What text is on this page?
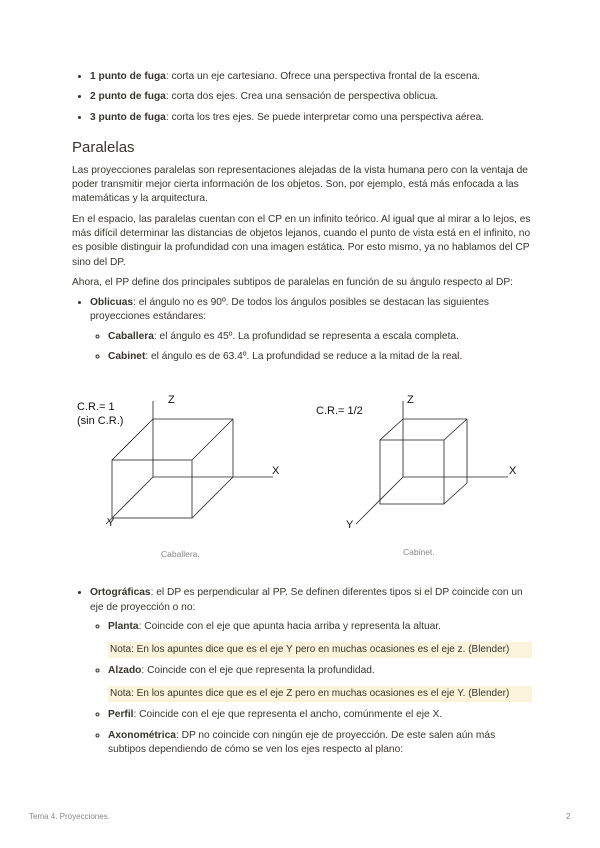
• 1 punto de fuga: corta un eje cartesiano. Ofrece una perspectiva frontal de la escena.
• 2 punto de fuga: corta dos ejes. Crea una sensación de perspectiva oblicua.
• 3 punto de fuga: corta los tres ejes. Se puede interpretar como una perspectiva aérea.
Paralelas

Las proyecciones paralelas son representaciones alejadas de la vista humana pero con la ventaja de poder transmitir mejor cierta información de los objetos. Son, por ejemplo, está más enfocada a las matemáticas y la arquitectura.

En el espacio, las paralelas cuentan con el CP en un infinito teórico. Al igual que al mirar a lo lejos, es más difícil determinar las distancias de objetos lejanos, cuando el punto de vista está en el infinito, no es posible distinguir la profundidad con una imagen estática. Por esto mismo, ya no hablamos del CP sino del DP.

Ahora, el PP define dos principales subtipos de paralelas en función de su ángulo respecto al DP:

• Oblicuas: el ángulo no es 90º. De todos los ángulos posibles se destacan las siguientes proyecciones estándares:
◦ Caballera: el ángulo es 45º. La profundidad se representa a escala completa.
◦ Cabinet: el ángulo es de 63.4º. La profundidad se reduce a la mitad de la real.
C.R.= 1
(sin C.R.)
Z
X
Y
Caballera.
C.R.= 1/2
Z
X
Y
Cabinet.
• Ortográficas: el DP es perpendicular al PP. Se definen diferentes tipos si el DP coincide con un eje de proyección o no:
◦ Planta: Coincide con el eje que apunta hacia arriba y representa la altuar.
Nota: En los apuntes dice que es el eje Y pero en muchas ocasiones es el eje z. (Blender)
◦ Alzado: Coincide con el eje que representa la profundidad.
Nota: En los apuntes dice que es el eje Z pero en muchas ocasiones es el eje Y. (Blender)
◦ Perfil: Coincide con el eje que representa el ancho, comúnmente el eje X.
◦ Axonométrica: DP no coincide con ningún eje de proyección. De este salen aún más subtipos dependiendo de cómo se ven los ejes respecto al plano:
Tema 4. Proyecciones.	2
